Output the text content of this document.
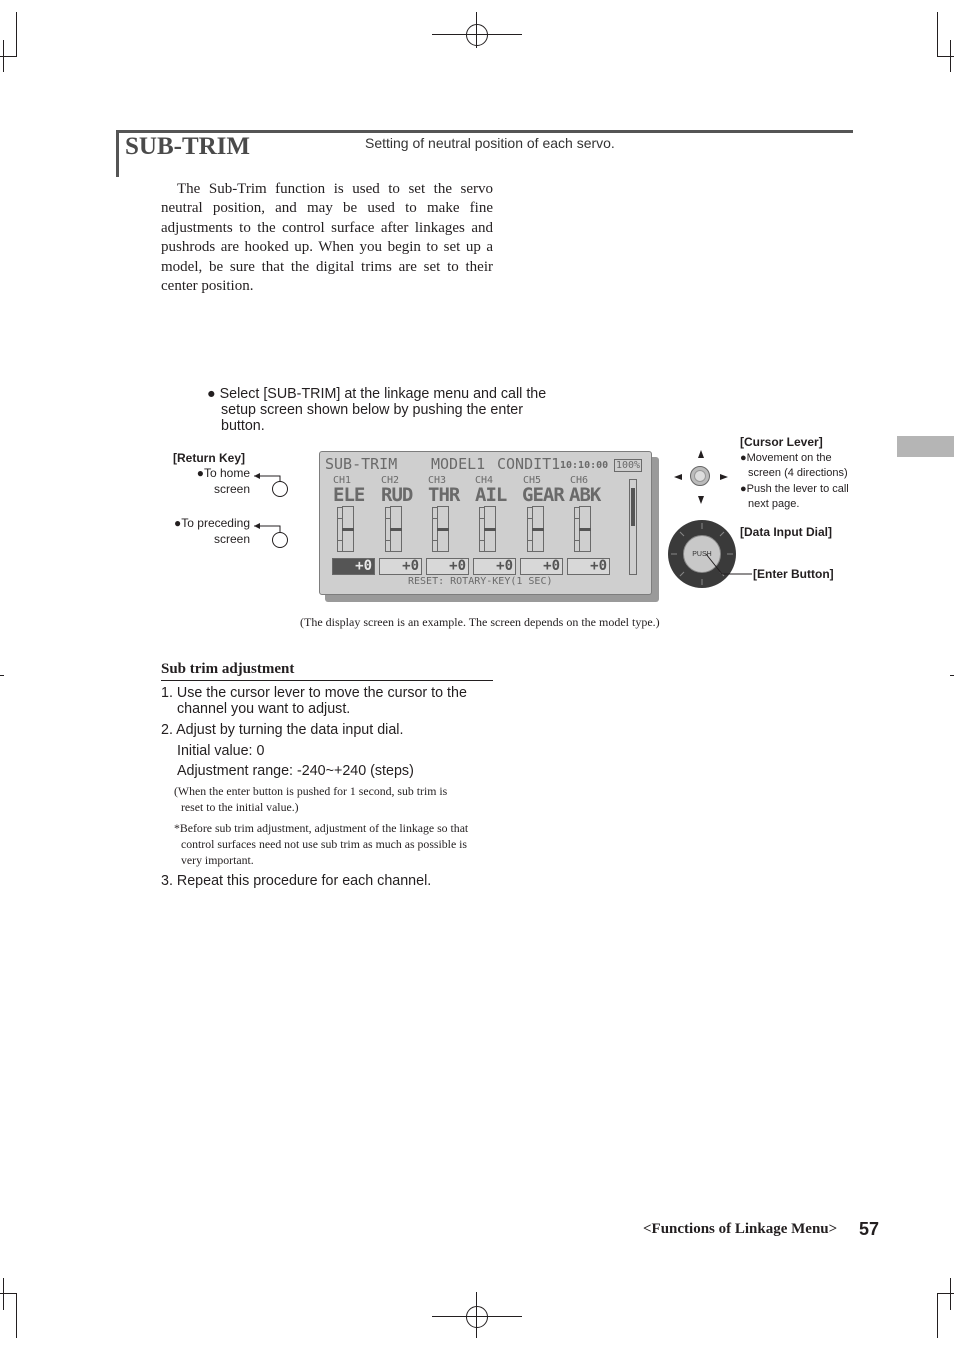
SUB-TRIM	Setting of neutral position of each servo.
The Sub-Trim function is used to set the servo neutral position, and may be used to make fine adjustments to the control surface after linkages and pushrods are hooked up. When you begin to set up a model, be sure that the digital trims are set to their center position.
● Select [SUB-TRIM] at the linkage menu and call the
setup screen shown below by pushing the enter
button.
[Return Key]
●To home
screen
●To preceding
screen
SUB-TRIM MODEL1 CONDIT1 10:10:00 100%
CH1
ELE
+0
CH2
RUD
+0
CH3
THR
+0
CH4
AIL
+0
CH5
GEAR
+0
CH6
ABK
+0
RESET: ROTARY-KEY(1 SEC)
PUSH
[Cursor Lever]
●Movement on the
screen (4 directions)
●Push the lever to call
next page.
[Data Input Dial]
[Enter Button]
(The display screen is an example. The screen depends on the model type.)
Sub trim adjustment
1. Use the cursor lever to move the cursor to the
channel you want to adjust.
2. Adjust by turning the data input dial.
Initial value: 0
Adjustment range: -240~+240 (steps)
(When the enter button is pushed for 1 second, sub trim is
reset to the initial value.)
*Before sub trim adjustment, adjustment of the linkage so that
control surfaces need not use sub trim as much as possible is
very important.
3. Repeat this procedure for each channel.
<Functions of Linkage Menu> 57
